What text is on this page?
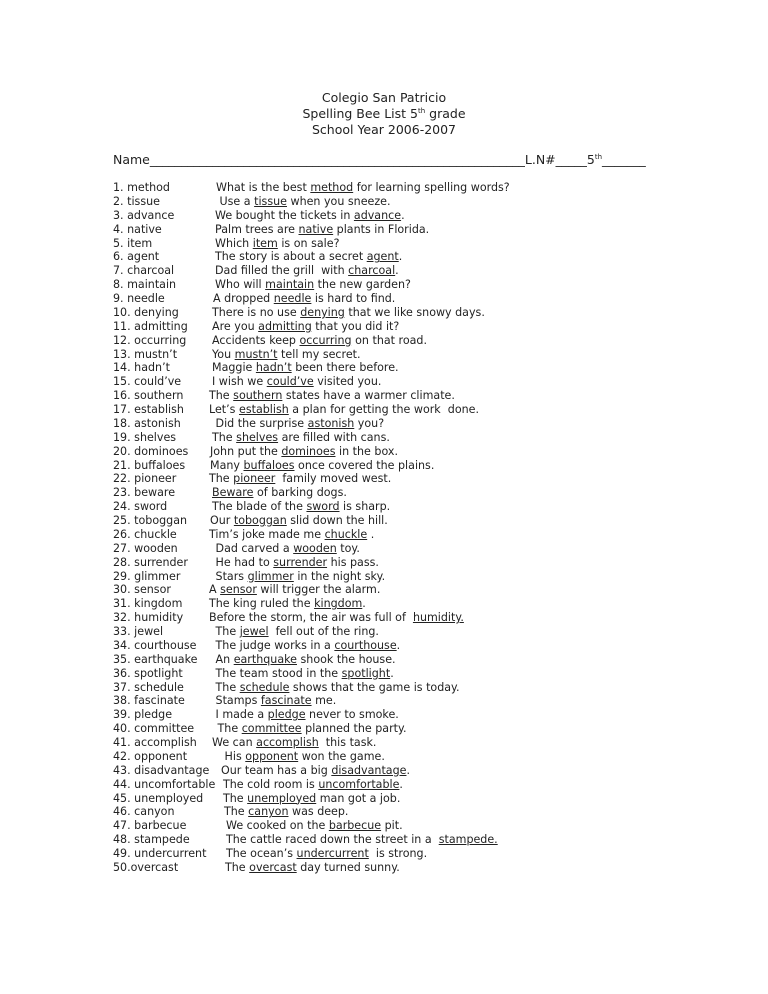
Colegio San Patricio
Spelling Bee List 5th grade
School Year 2006-2007
Name____________________________________________________________L.N#_____5th_______
1. method	What is the best method for learning spelling words?
2. tissue	Use a tissue when you sneeze.
3. advance	We bought the tickets in advance.
4. native	Palm trees are native plants in Florida.
5. item	Which item is on sale?
6. agent	The story is about a secret agent.
7. charcoal	Dad filled the grill  with charcoal.
8. maintain	Who will maintain the new garden?
9. needle	A dropped needle is hard to find.
10. denying	There is no use denying that we like snowy days.
11. admitting Are you admitting that you did it?
12. occurring Accidents keep occurring on that road.
13. mustn’t	You mustn’t tell my secret.
14. hadn’t	Maggie hadn’t been there before.
15. could’ve	I wish we could’ve visited you.
16. southern The southern states have a warmer climate.
17. establish Let’s establish a plan for getting the work  done.
18. astonish	Did the surprise astonish you?
19. shelves	The shelves are filled with cans.
20. dominoes John put the dominoes in the box.
21. buffaloes Many buffaloes once covered the plains.
22. pioneer	The pioneer  family moved west.
23. beware	Beware of barking dogs.
24. sword	The blade of the sword is sharp.
25. toboggan Our toboggan slid down the hill.
26. chuckle	Tim’s joke made me chuckle .
27. wooden	Dad carved a wooden toy.
28. surrender He had to surrender his pass.
29. glimmer	Stars glimmer in the night sky.
30. sensor	A sensor will trigger the alarm.
31. kingdom The king ruled the kingdom.
32. humidity Before the storm, the air was full of  humidity.
33. jewel	The jewel  fell out of the ring.
34. courthouse The judge works in a courthouse.
35. earthquake An earthquake shook the house.
36. spotlight	The team stood in the spotlight.
37. schedule	The schedule shows that the game is today.
38. fascinate Stamps fascinate me.
39. pledge	I made a pledge never to smoke.
40. committee The committee planned the party.
41. accomplish We can accomplish  this task.
42. opponent	His opponent won the game.
43. disadvantage Our team has a big disadvantage.
44. uncomfortable The cold room is uncomfortable.
45. unemployed The unemployed man got a job.
46. canyon	The canyon was deep.
47. barbecue	We cooked on the barbecue pit.
48. stampede	The cattle raced down the street in a  stampede.
49. undercurrent The ocean’s undercurrent  is strong.
50.overcast	The overcast day turned sunny.
